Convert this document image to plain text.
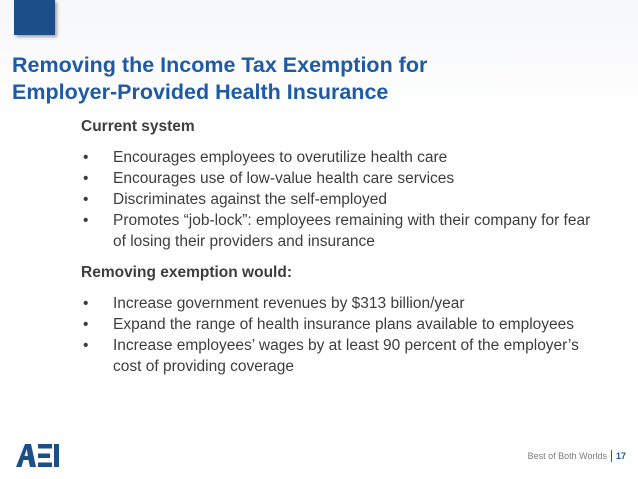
Removing the Income Tax Exemption for
Employer-Provided Health Insurance

Current system

• Encourages employees to overutilize health care
• Encourages use of low-value health care services
• Discriminates against the self-employed
• Promotes “job-lock”: employees remaining with their company for fear of losing their providers and insurance

Removing exemption would:

• Increase government revenues by $313 billion/year
• Expand the range of health insurance plans available to employees
• Increase employees’ wages by at least 90 percent of the employer’s cost of providing coverage
Best of Both Worlds 17
